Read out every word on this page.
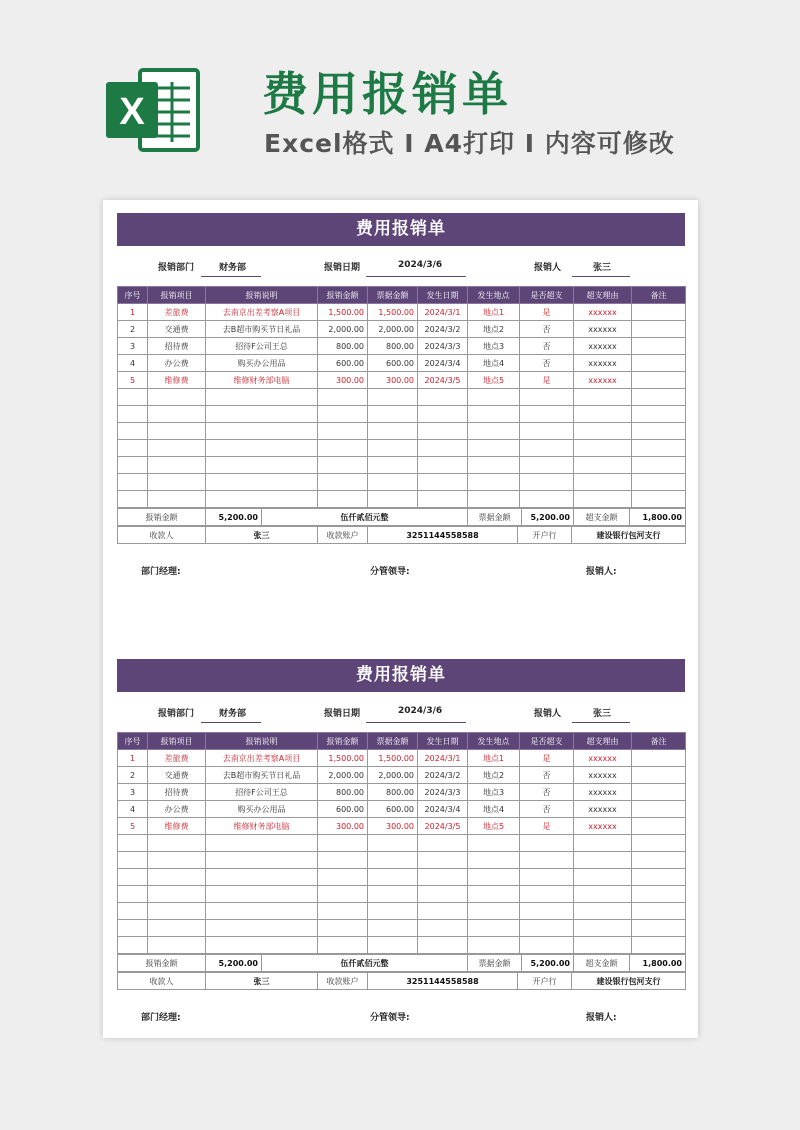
X	费用报销单
Excel格式 I A4打印 I 内容可修改
费用报销单
报销部门	财务部	报销日期	2024/3/6	报销人	张三
序号	报销项目	报销说明	报销金额	票据金额	发生日期	发生地点	是否超支	超支理由	备注
1	差旅费	去南京出差考察A项目	1,500.00	1,500.00	2024/3/1	地点1	是	xxxxxx	
2	交通费	去B超市购买节日礼品	2,000.00	2,000.00	2024/3/2	地点2	否	xxxxxx	
3	招待费	招待F公司王总	800.00	800.00	2024/3/3	地点3	否	xxxxxx	
4	办公费	购买办公用品	600.00	600.00	2024/3/4	地点4	否	xxxxxx	
5	维修费	维修财务部电脑	300.00	300.00	2024/3/5	地点5	是	xxxxxx	

报销金额	5,200.00	伍仟贰佰元整	票据金额	5,200.00	超支金额	1,800.00
收款人	张三	收款账户	3251144558588	开户行	建设银行包河支行
部门经理:	分管领导:	报销人:
费用报销单
报销部门	财务部	报销日期	2024/3/6	报销人	张三
序号	报销项目	报销说明	报销金额	票据金额	发生日期	发生地点	是否超支	超支理由	备注
1	差旅费	去南京出差考察A项目	1,500.00	1,500.00	2024/3/1	地点1	是	xxxxxx	
2	交通费	去B超市购买节日礼品	2,000.00	2,000.00	2024/3/2	地点2	否	xxxxxx	
3	招待费	招待F公司王总	800.00	800.00	2024/3/3	地点3	否	xxxxxx	
4	办公费	购买办公用品	600.00	600.00	2024/3/4	地点4	否	xxxxxx	
5	维修费	维修财务部电脑	300.00	300.00	2024/3/5	地点5	是	xxxxxx	

报销金额	5,200.00	伍仟贰佰元整	票据金额	5,200.00	超支金额	1,800.00
收款人	张三	收款账户	3251144558588	开户行	建设银行包河支行
部门经理:	分管领导:	报销人:
